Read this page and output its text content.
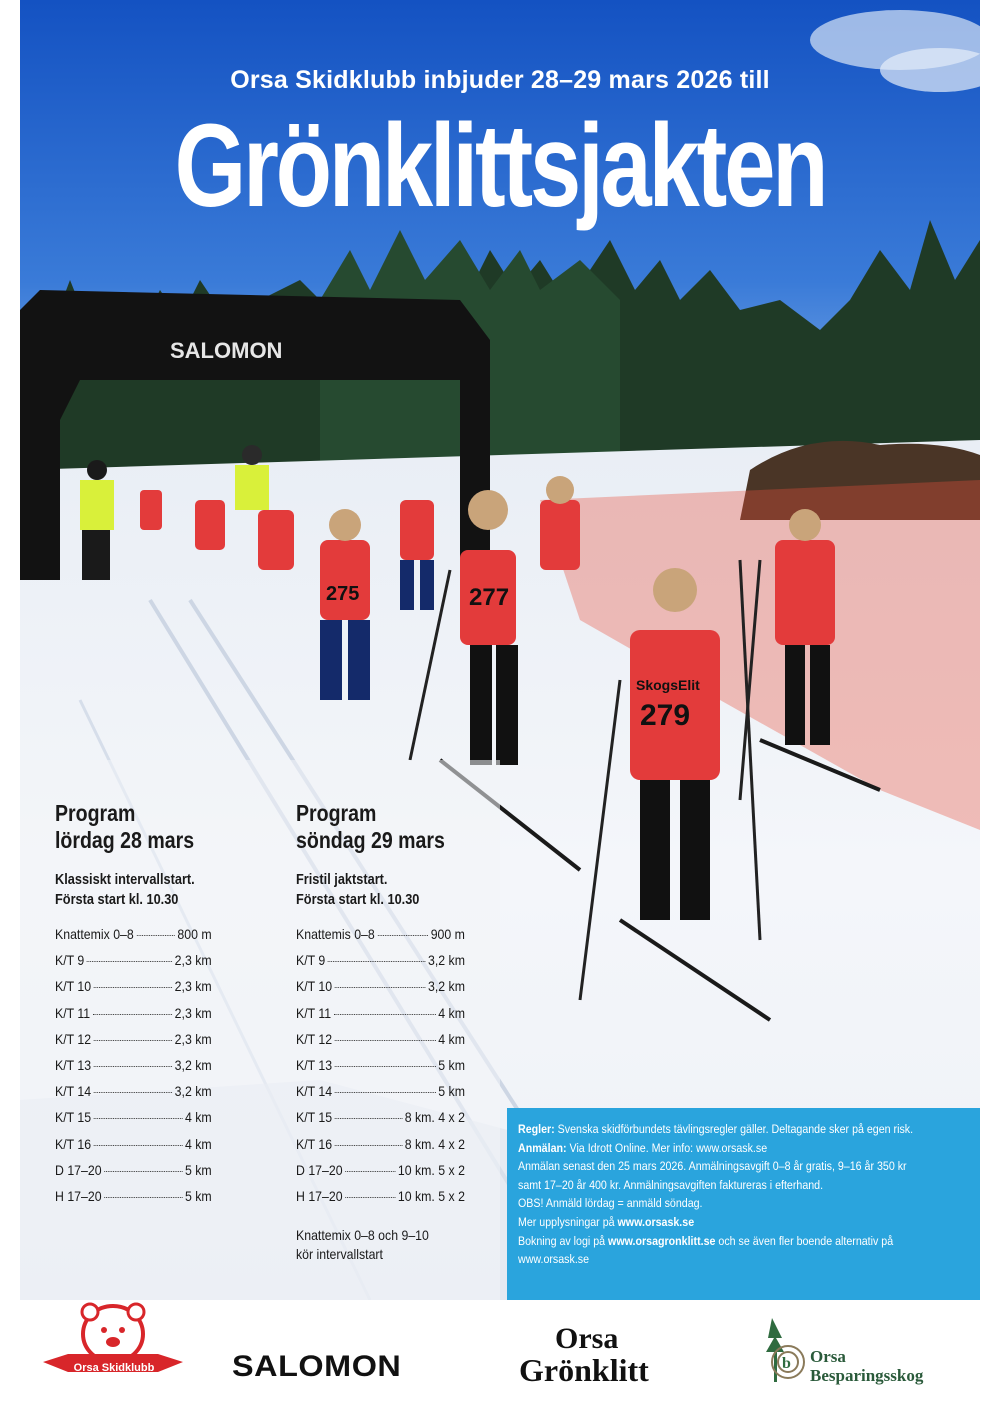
SALOMON
275	277
279
SkogsElit
Orsa Skidklubb inbjuder 28–29 mars 2026 till
Grönklittsjakten
Program
lördag 28 mars
Klassiskt intervallstart.
Första start kl. 10.30
Knattemix 0–8	800 m
K/T 9	2,3 km
K/T 10	2,3 km
K/T 11	2,3 km
K/T 12	2,3 km
K/T 13	3,2 km
K/T 14	3,2 km
K/T 15	4 km
K/T 16	4 km
D 17–20	5 km
H 17–20	5 km
Program
söndag 29 mars
Fristil jaktstart.
Första start kl. 10.30
Knattemis 0–8	900 m
K/T 9	3,2 km
K/T 10	3,2 km
K/T 11	4 km
K/T 12	4 km
K/T 13	5 km
K/T 14	5 km
K/T 15	8 km. 4 x 2
K/T 16	8 km. 4 x 2
D 17–20	10 km. 5 x 2
H 17–20	10 km. 5 x 2
Knattemix 0–8 och 9–10
kör intervallstart

Regler: Svenska skidförbundets tävlingsregler gäller. Deltagande sker på egen risk.

Anmälan: Via Idrott Online. Mer info: www.orsask.se

Anmälan senast den 25 mars 2026. Anmälningsavgift 0–8 år gratis, 9–16 år 350 kr

samt 17–20 år 400 kr. Anmälningsavgiften faktureras i efterhand.

OBS! Anmäld lördag = anmäld söndag.

Mer upplysningar på www.orsask.se

Bokning av logi på www.orsagronklitt.se och se även fler boende alternativ på

www.orsask.se

Orsa Skidklubb	SALOMON
Orsa
Grönklitt	b Orsa
Besparingsskog
